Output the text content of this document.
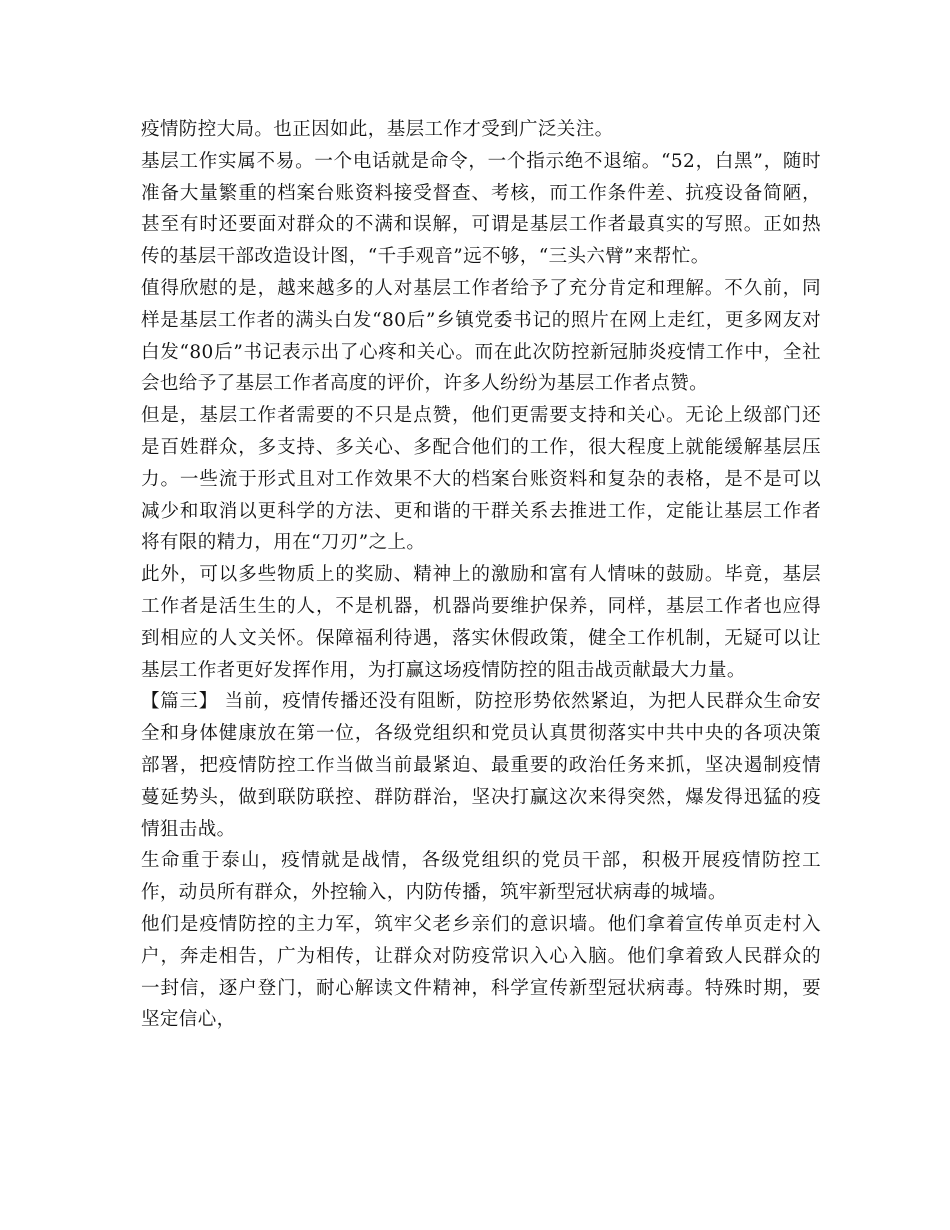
疫情防控大局。也正因如此，基层工作才受到广泛关注。

基层工作实属不易。一个电话就是命令，一个指示绝不退缩。“52，白黑”，随时准备大量繁重的档案台账资料接受督查、考核，而工作条件差、抗疫设备简陋，甚至有时还要面对群众的不满和误解，可谓是基层工作者最真实的写照。正如热传的基层干部改造设计图，“千手观音”远不够，“三头六臂”来帮忙。

值得欣慰的是，越来越多的人对基层工作者给予了充分肯定和理解。不久前，同样是基层工作者的满头白发“80后”乡镇党委书记的照片在网上走红，更多网友对白发“80后”书记表示出了心疼和关心。而在此次防控新冠肺炎疫情工作中，全社会也给予了基层工作者高度的评价，许多人纷纷为基层工作者点赞。

但是，基层工作者需要的不只是点赞，他们更需要支持和关心。无论上级部门还是百姓群众，多支持、多关心、多配合他们的工作，很大程度上就能缓解基层压力。一些流于形式且对工作效果不大的档案台账资料和复杂的表格，是不是可以减少和取消以更科学的方法、更和谐的干群关系去推进工作，定能让基层工作者将有限的精力，用在“刀刃”之上。

此外，可以多些物质上的奖励、精神上的激励和富有人情味的鼓励。毕竟，基层工作者是活生生的人，不是机器，机器尚要维护保养，同样，基层工作者也应得到相应的人文关怀。保障福利待遇，落实休假政策，健全工作机制，无疑可以让基层工作者更好发挥作用，为打赢这场疫情防控的阻击战贡献最大力量。

【篇三】 当前，疫情传播还没有阻断，防控形势依然紧迫，为把人民群众生命安全和身体健康放在第一位，各级党组织和党员认真贯彻落实中共中央的各项决策部署，把疫情防控工作当做当前最紧迫、最重要的政治任务来抓，坚决遏制疫情蔓延势头，做到联防联控、群防群治，坚决打赢这次来得突然，爆发得迅猛的疫情狙击战。

生命重于泰山，疫情就是战情，各级党组织的党员干部，积极开展疫情防控工作，动员所有群众，外控输入，内防传播，筑牢新型冠状病毒的城墙。

他们是疫情防控的主力军，筑牢父老乡亲们的意识墙。他们拿着宣传单页走村入户，奔走相告，广为相传，让群众对防疫常识入心入脑。他们拿着致人民群众的一封信，逐户登门，耐心解读文件精神，科学宣传新型冠状病毒。特殊时期，要坚定信心，
